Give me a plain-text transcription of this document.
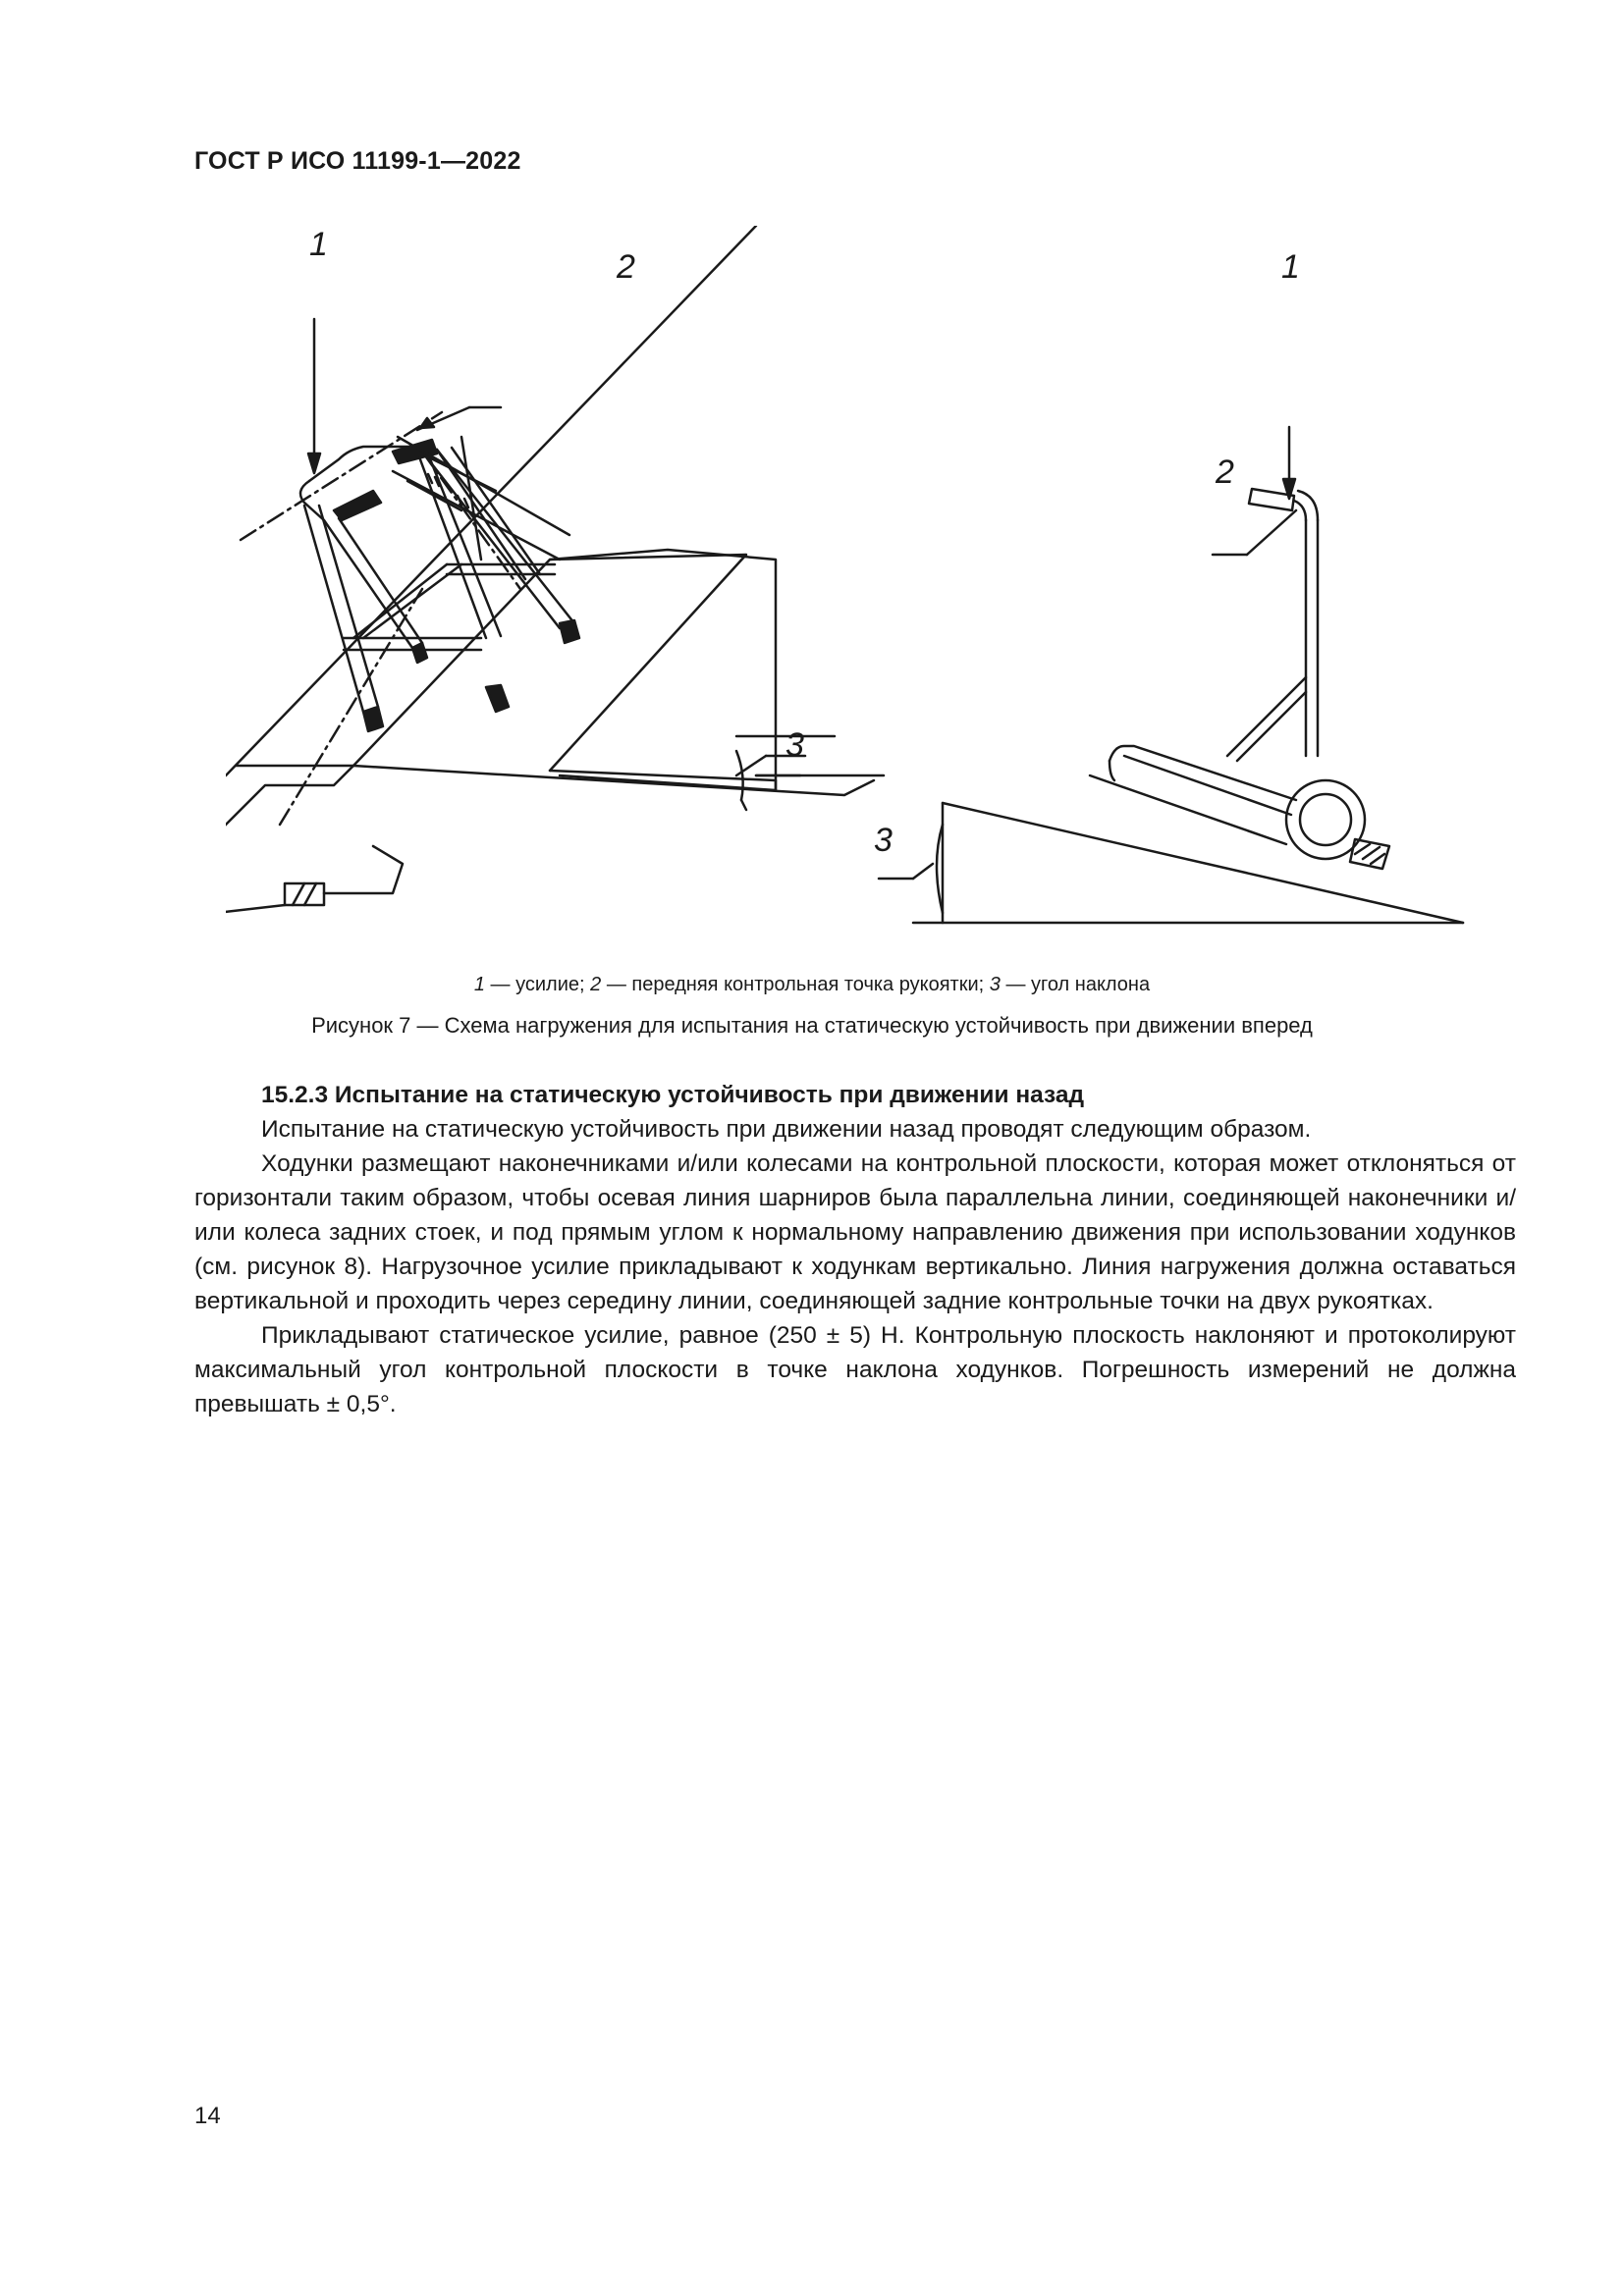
ГОСТ Р ИСО 11199-1—2022
1
2
3
1
2
3
1 — усилие; 2 — передняя контрольная точка рукоятки; 3 — угол наклона
Рисунок 7 — Схема нагружения для испытания на статическую устойчивость при движении вперед

15.2.3 Испытание на статическую устойчивость при движении назад

Испытание на статическую устойчивость при движении назад проводят следующим образом.

Ходунки размещают наконечниками и/или колесами на контрольной плоскости, которая может отклоняться от горизонтали таким образом, чтобы осевая линия шарниров была параллельна линии, соединяющей наконечники и/или колеса задних стоек, и под прямым углом к нормальному направлению движения при использовании ходунков (см. рисунок 8). Нагрузочное усилие прикладывают к ходункам вертикально. Линия нагружения должна оставаться вертикальной и проходить через середину линии, соединяющей задние контрольные точки на двух рукоятках.

Прикладывают статическое усилие, равное (250 ± 5) Н. Контрольную плоскость наклоняют и протоколируют максимальный угол контрольной плоскости в точке наклона ходунков. Погрешность измерений не должна превышать ± 0,5°.

14
